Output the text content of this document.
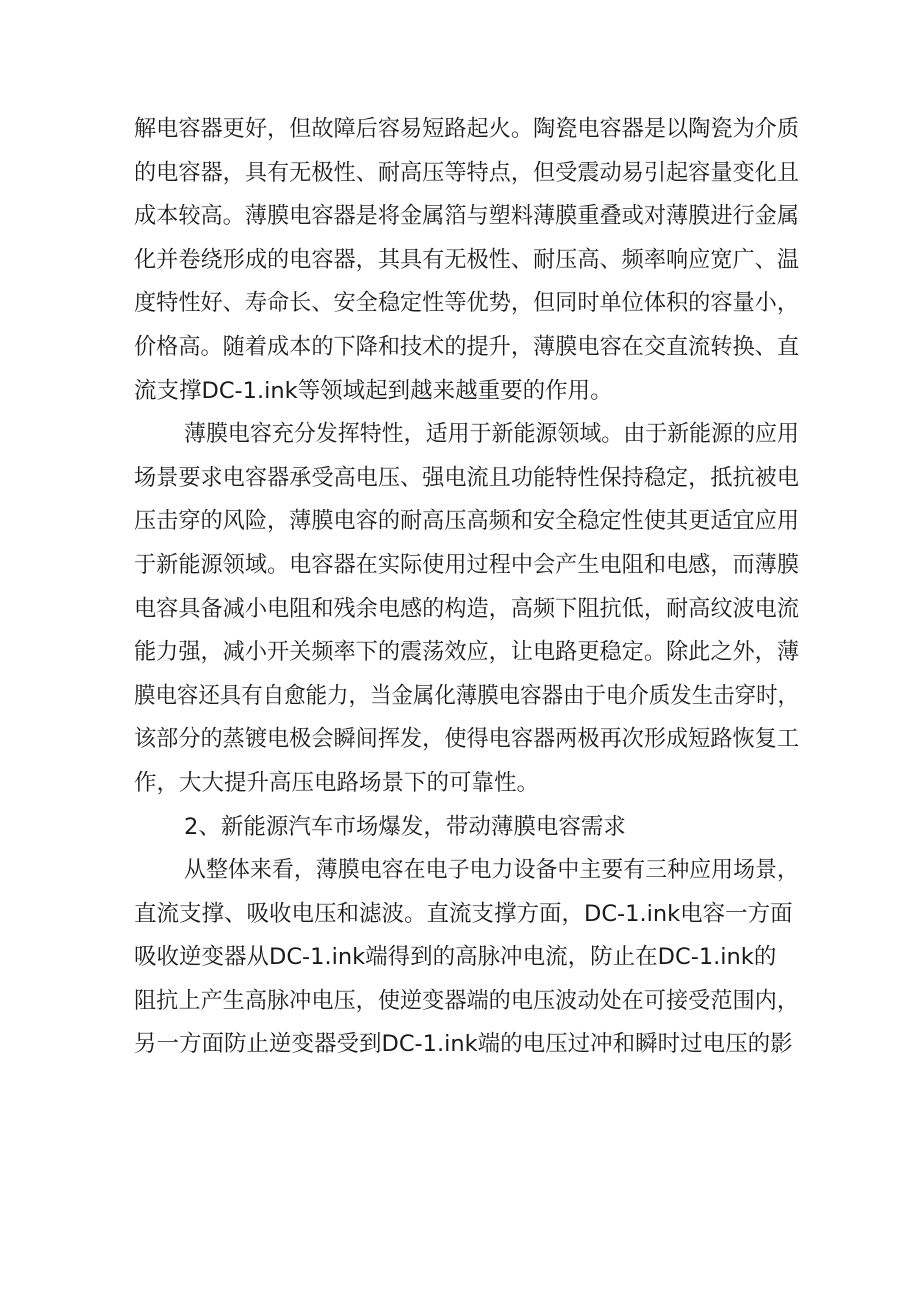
解电容器更好，但故障后容易短路起火。陶瓷电容器是以陶瓷为介质
的电容器，具有无极性、耐高压等特点，但受震动易引起容量变化且
成本较高。薄膜电容器是将金属箔与塑料薄膜重叠或对薄膜进行金属
化并卷绕形成的电容器，其具有无极性、耐压高、频率响应宽广、温
度特性好、寿命长、安全稳定性等优势，但同时单位体积的容量小，
价格高。随着成本的下降和技术的提升，薄膜电容在交直流转换、直
流支撑DC-1.ink等领域起到越来越重要的作用。
薄膜电容充分发挥特性，适用于新能源领域。由于新能源的应用
场景要求电容器承受高电压、强电流且功能特性保持稳定，抵抗被电
压击穿的风险，薄膜电容的耐高压高频和安全稳定性使其更适宜应用
于新能源领域。电容器在实际使用过程中会产生电阻和电感，而薄膜
电容具备减小电阻和残余电感的构造，高频下阻抗低，耐高纹波电流
能力强，减小开关频率下的震荡效应，让电路更稳定。除此之外，薄
膜电容还具有自愈能力，当金属化薄膜电容器由于电介质发生击穿时，
该部分的蒸镀电极会瞬间挥发，使得电容器两极再次形成短路恢复工
作，大大提升高压电路场景下的可靠性。
2、新能源汽车市场爆发，带动薄膜电容需求
从整体来看，薄膜电容在电子电力设备中主要有三种应用场景，
直流支撑、吸收电压和滤波。直流支撑方面，DC-1.ink电容一方面
吸收逆变器从DC-1.ink端得到的高脉冲电流，防止在DC-1.ink的
阻抗上产生高脉冲电压，使逆变器端的电压波动处在可接受范围内，
另一方面防止逆变器受到DC-1.ink端的电压过冲和瞬时过电压的影
